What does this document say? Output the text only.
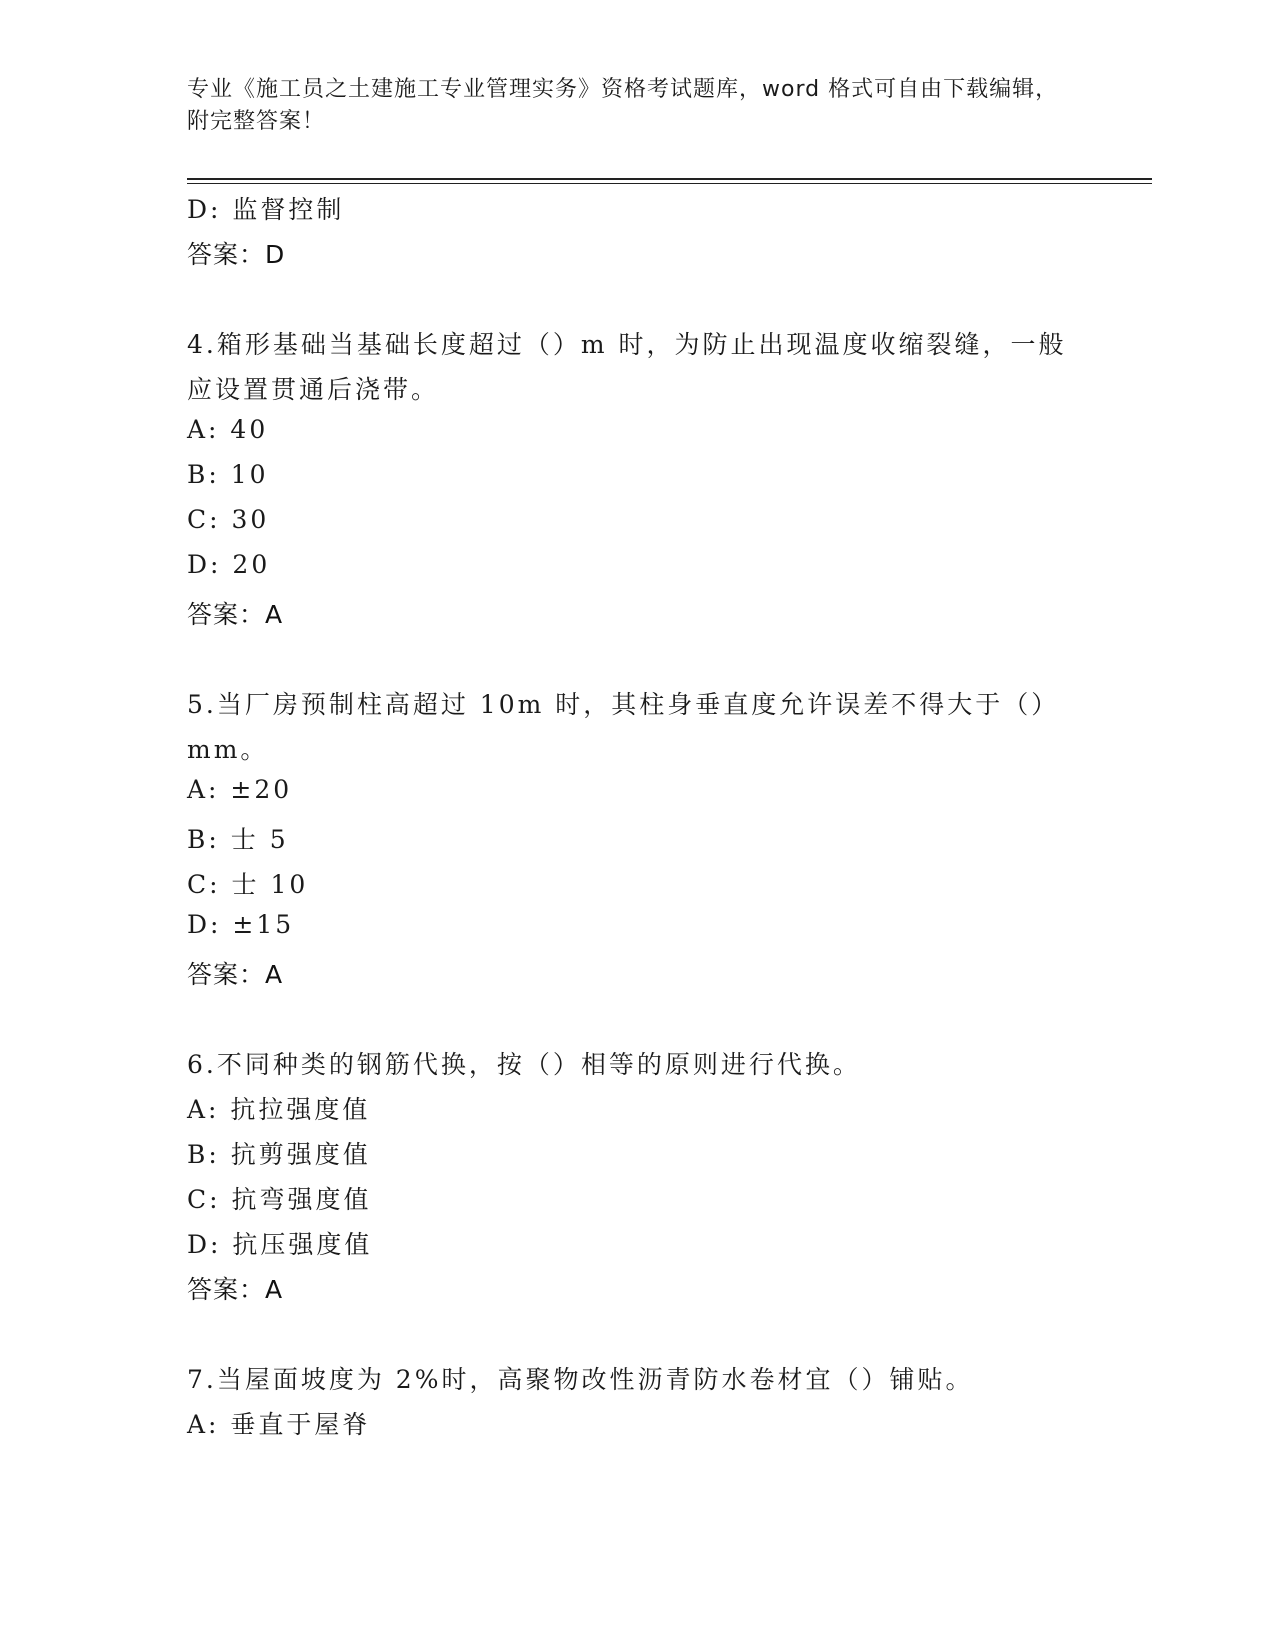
专业《施工员之土建施工专业管理实务》资格考试题库，word 格式可自由下载编辑，附完整答案！
D: 监督控制
答案：D
4.箱形基础当基础长度超过（）m 时，为防止出现温度收缩裂缝，一般
应设置贯通后浇带。
A: 40
B: 10
C: 30
D: 20
答案：A
5.当厂房预制柱高超过 10m 时，其柱身垂直度允许误差不得大于（）
mm。
A: ±20
B: 士 5
C: 士 10
D: ±15
答案：A
6.不同种类的钢筋代换，按（）相等的原则进行代换。
A: 抗拉强度值
B: 抗剪强度值
C: 抗弯强度值
D: 抗压强度值
答案：A
7.当屋面坡度为 2%时，高聚物改性沥青防水卷材宜（）铺贴。
A: 垂直于屋脊
